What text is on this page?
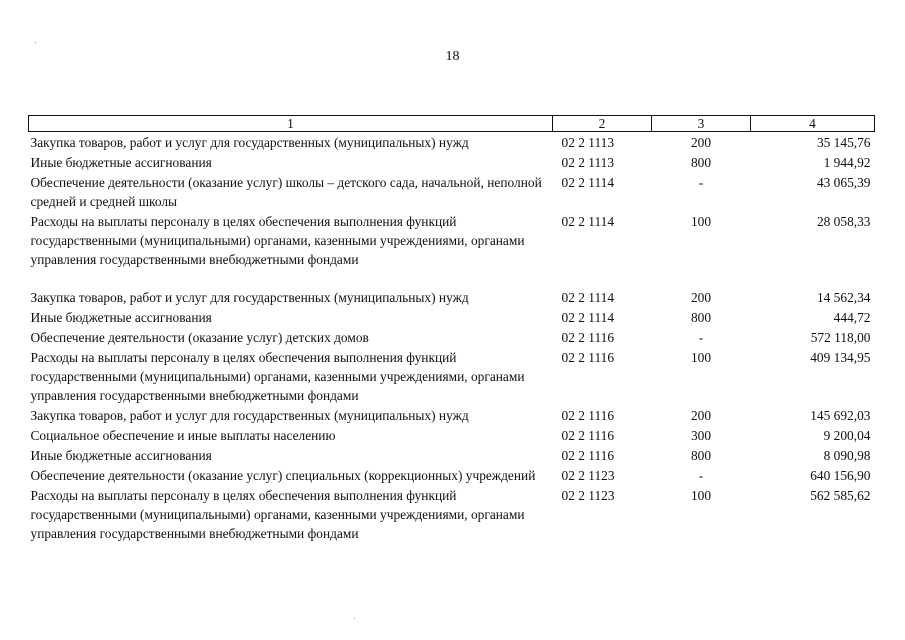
18
1	2	3	4
Закупка товаров, работ и услуг для государственных (муниципальных) нужд	02 2 1113	200	35 145,76
Иные бюджетные ассигнования	02 2 1113	800	1 944,92
Обеспечение деятельности (оказание услуг) школы – детского сада, начальной, неполной средней и средней школы	02 2 1114	-	43 065,39
Расходы на выплаты персоналу в целях обеспечения выполнения функций государственными (муниципальными) органами, казенными учреждениями, органами управления государственными внебюджетными фондами	02 2 1114	100	28 058,33
Закупка товаров, работ и услуг для государственных (муниципальных) нужд	02 2 1114	200	14 562,34
Иные бюджетные ассигнования	02 2 1114	800	444,72
Обеспечение деятельности (оказание услуг) детских домов	02 2 1116	-	572 118,00
Расходы на выплаты персоналу в целях обеспечения выполнения функций государственными (муниципальными) органами, казенными учреждениями, органами управления государственными внебюджетными фондами	02 2 1116	100	409 134,95
Закупка товаров, работ и услуг для государственных (муниципальных) нужд	02 2 1116	200	145 692,03
Социальное обеспечение и иные выплаты населению	02 2 1116	300	9 200,04
Иные бюджетные ассигнования	02 2 1116	800	8 090,98
Обеспечение деятельности (оказание услуг) специальных (коррекционных) учреждений	02 2 1123	-	640 156,90
Расходы на выплаты персоналу в целях обеспечения выполнения функций государственными (муниципальными) органами, казенными учреждениями, органами управления государственными внебюджетными фондами	02 2 1123	100	562 585,62
